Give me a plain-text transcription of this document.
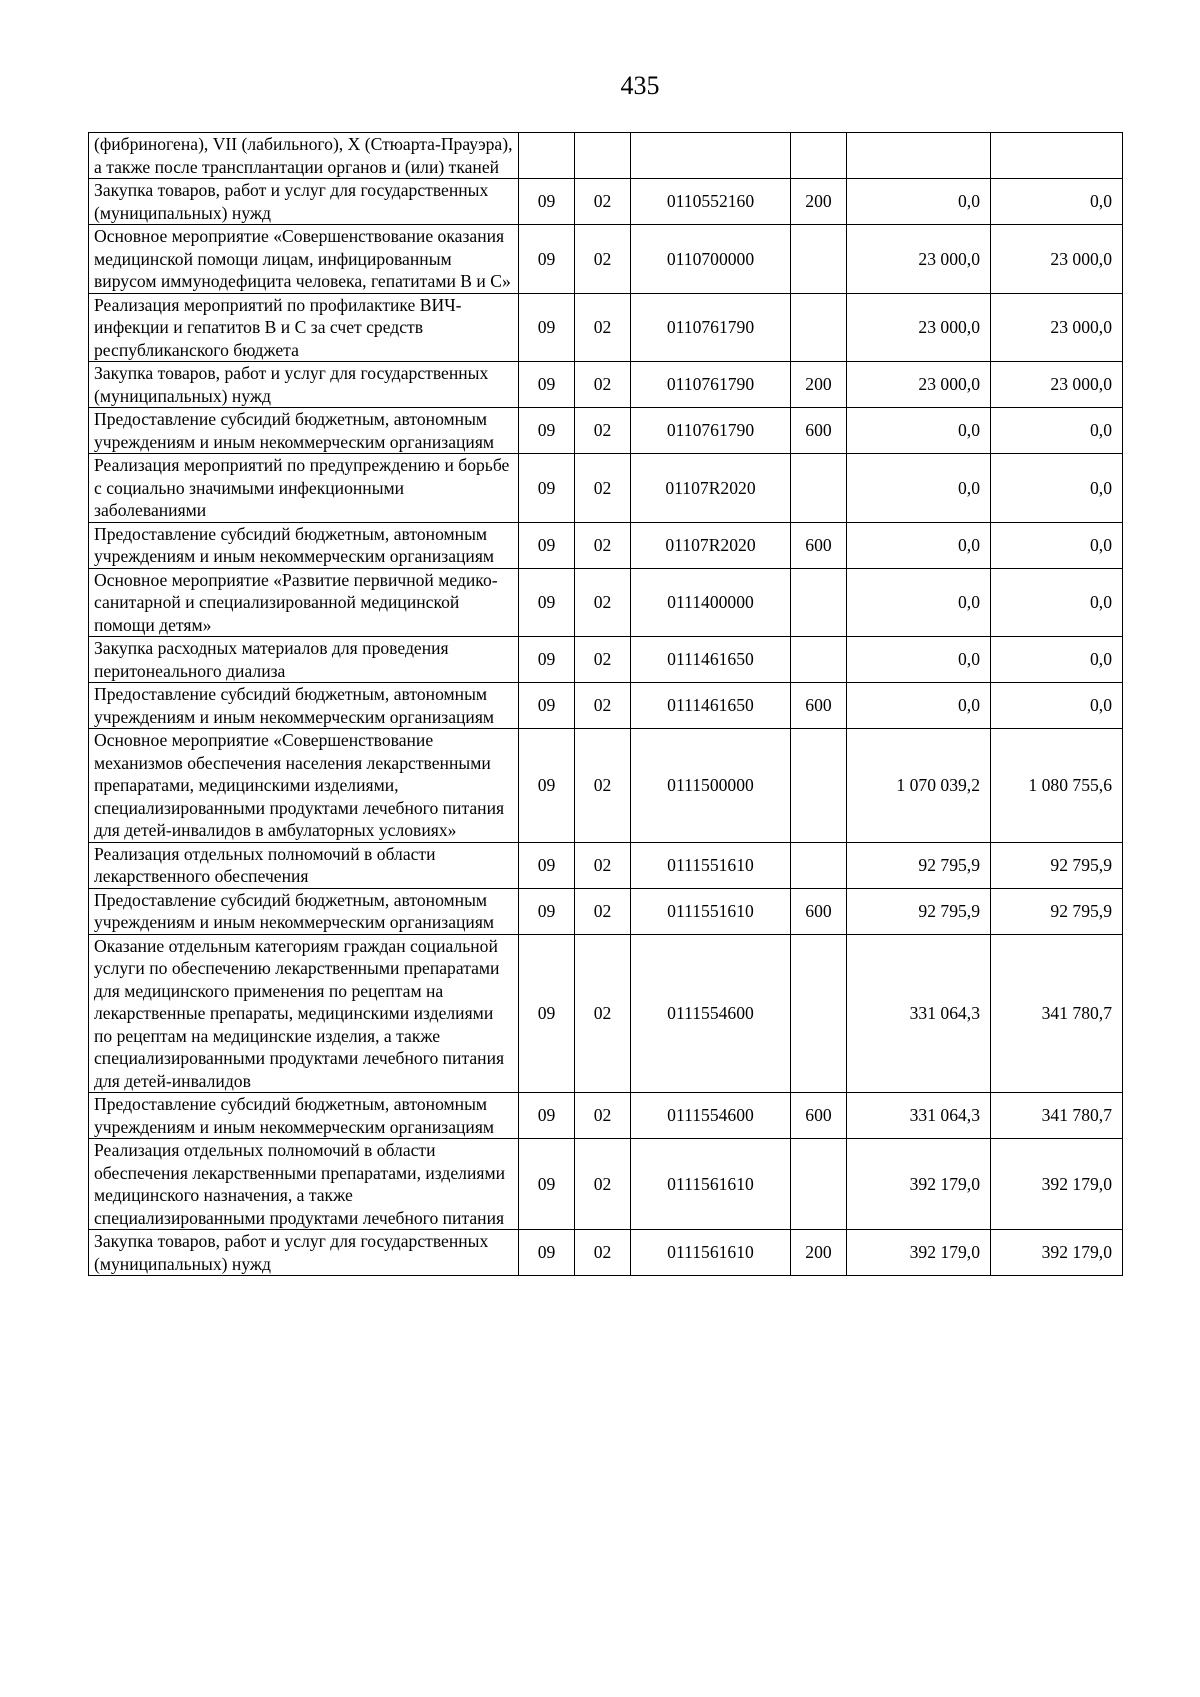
435
(фибриногена), VII (лабильного), X (Стюарта-Прауэра), а также после трансплантации органов и (или) тканей						
Закупка товаров, работ и услуг для государственных (муниципальных) нужд	09	02	0110552160	200	0,0	0,0
Основное мероприятие «Совершенствование оказания медицинской помощи лицам, инфицированным вирусом иммунодефицита человека, гепатитами В и С»	09	02	0110700000		23 000,0	23 000,0
Реализация мероприятий по профилактике ВИЧ-инфекции и гепатитов В и С за счет средств республиканского бюджета	09	02	0110761790		23 000,0	23 000,0
Закупка товаров, работ и услуг для государственных (муниципальных) нужд	09	02	0110761790	200	23 000,0	23 000,0
Предоставление субсидий бюджетным, автономным учреждениям и иным некоммерческим организациям	09	02	0110761790	600	0,0	0,0
Реализация мероприятий по предупреждению и борьбе с социально значимыми инфекционными заболеваниями	09	02	01107R2020		0,0	0,0
Предоставление субсидий бюджетным, автономным учреждениям и иным некоммерческим организациям	09	02	01107R2020	600	0,0	0,0
Основное мероприятие «Развитие первичной медико-санитарной и специализированной медицинской помощи детям»	09	02	0111400000		0,0	0,0
Закупка расходных материалов для проведения перитонеального диализа	09	02	0111461650		0,0	0,0
Предоставление субсидий бюджетным, автономным учреждениям и иным некоммерческим организациям	09	02	0111461650	600	0,0	0,0
Основное мероприятие «Совершенствование механизмов обеспечения населения лекарственными препаратами, медицинскими изделиями, специализированными продуктами лечебного питания для детей-инвалидов в амбулаторных условиях»	09	02	0111500000		1 070 039,2	1 080 755,6
Реализация отдельных полномочий в области лекарственного обеспечения	09	02	0111551610		92 795,9	92 795,9
Предоставление субсидий бюджетным, автономным учреждениям и иным некоммерческим организациям	09	02	0111551610	600	92 795,9	92 795,9
Оказание отдельным категориям граждан социальной услуги по обеспечению лекарственными препаратами для медицинского применения по рецептам на лекарственные препараты, медицинскими изделиями по рецептам на медицинские изделия, а также специализированными продуктами лечебного питания для детей-инвалидов	09	02	0111554600		331 064,3	341 780,7
Предоставление субсидий бюджетным, автономным учреждениям и иным некоммерческим организациям	09	02	0111554600	600	331 064,3	341 780,7
Реализация отдельных полномочий в области обеспечения лекарственными препаратами, изделиями медицинского назначения, а также специализированными продуктами лечебного питания	09	02	0111561610		392 179,0	392 179,0
Закупка товаров, работ и услуг для государственных (муниципальных) нужд	09	02	0111561610	200	392 179,0	392 179,0
